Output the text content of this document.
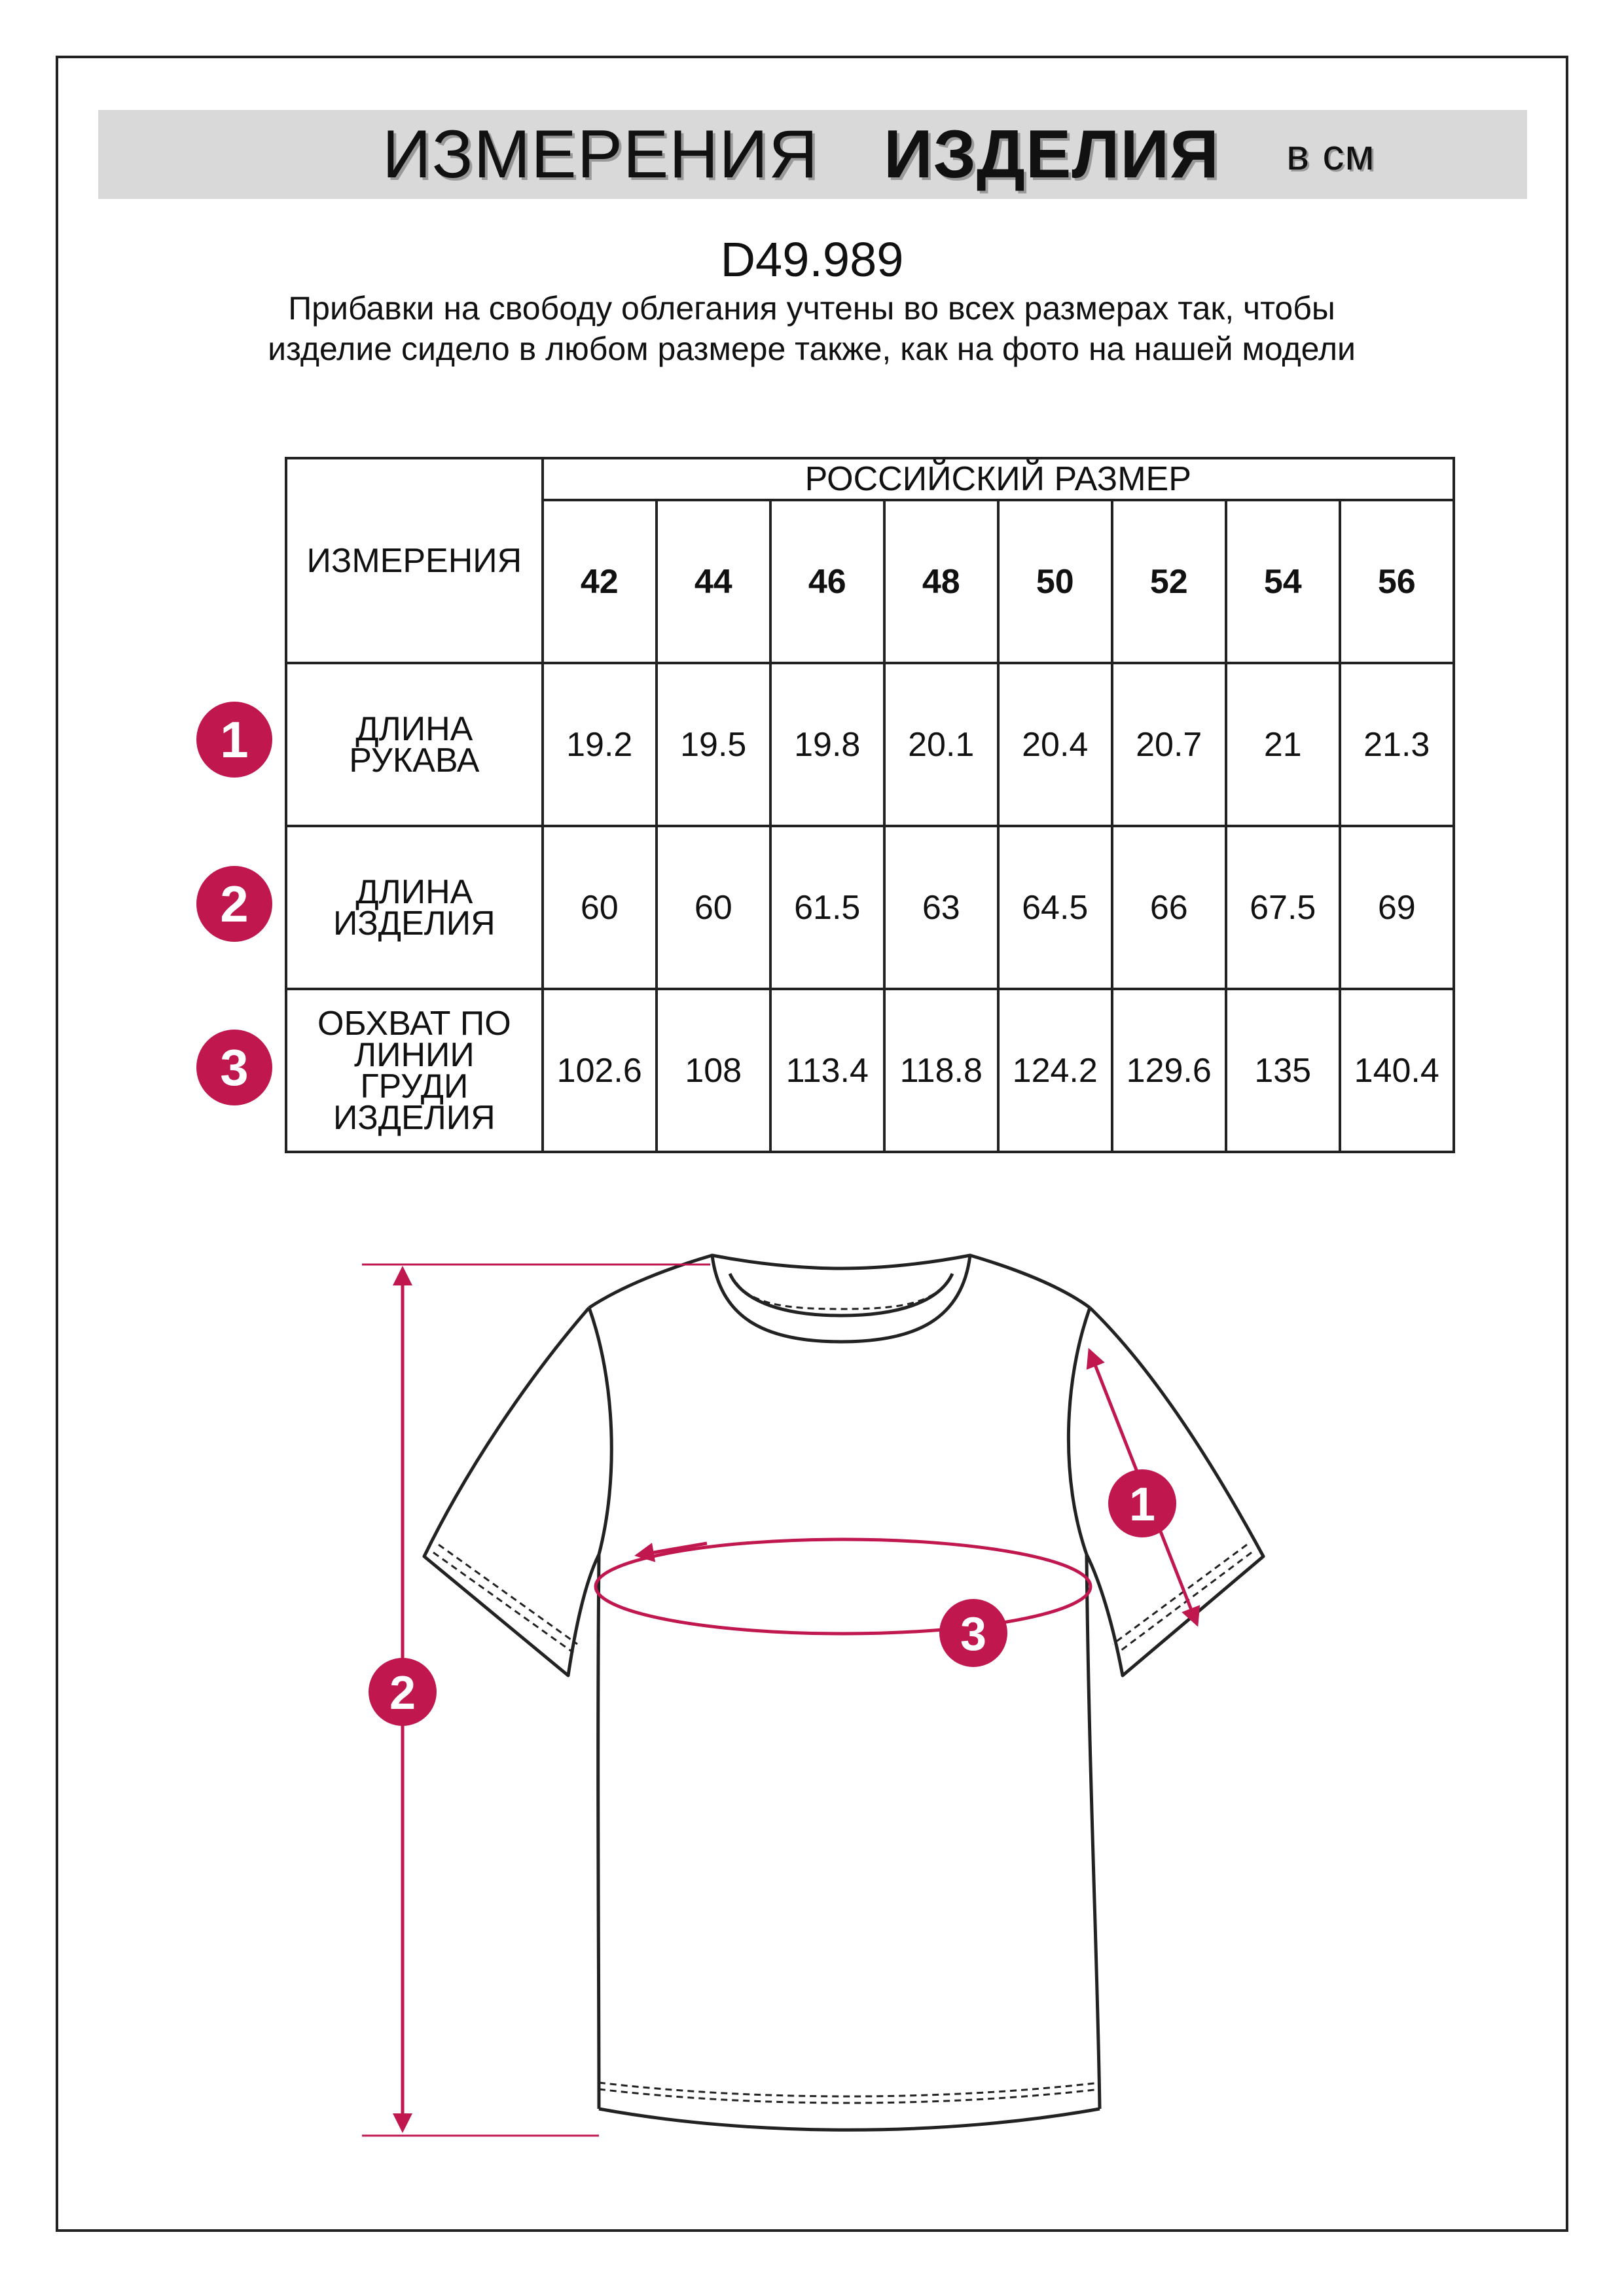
ИЗМЕРЕНИЯ ИЗДЕЛИЯ в см
D49.989
Прибавки на свободу облегания учтены во всех размерах так, чтобы изделие сидело в любом размере также, как на фото на нашей модели
ИЗМЕРЕНИЯ	РОССИЙСКИЙ РАЗМЕР							
	42	44	46	48	50	52	54	56
ДЛИНА РУКАВА	19.2	19.5	19.8	20.1	20.4	20.7	21	21.3
ДЛИНА ИЗДЕЛИЯ	60	60	61.5	63	64.5	66	67.5	69
ОБХВАТ ПО ЛИНИИ ГРУДИ ИЗДЕЛИЯ	102.6	108	113.4	118.8	124.2	129.6	135	140.4
1
2
3
2
1
3
